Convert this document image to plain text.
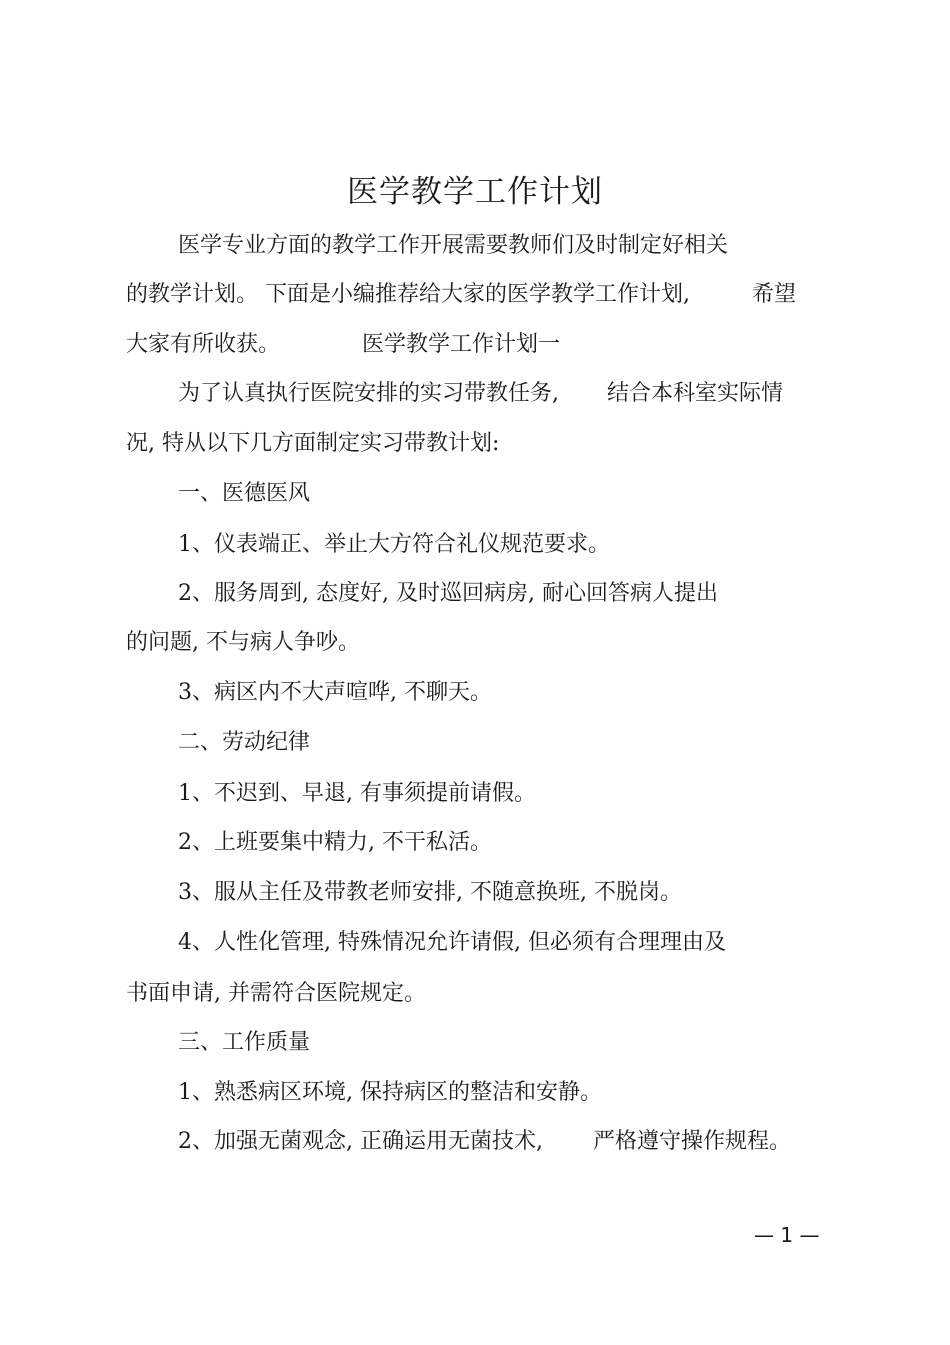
医学教学工作计划
医学专业方面的教学工作开展需要教师们及时制定好相关
的教学计划。 下面是小编推荐给大家的医学教学工作计划,	希望
大家有所收获。	医学教学工作计划一
为了认真执行医院安排的实习带教任务, 结合本科室实际情
况, 特从以下几方面制定实习带教计划:
一、医德医风
1、仪表端正、举止大方符合礼仪规范要求。
2、服务周到, 态度好, 及时巡回病房, 耐心回答病人提出
的问题, 不与病人争吵。
3、病区内不大声喧哗, 不聊天。
二、劳动纪律
1、不迟到、早退, 有事须提前请假。
2、上班要集中精力, 不干私活。
3、服从主任及带教老师安排, 不随意换班, 不脱岗。
4、人性化管理, 特殊情况允许请假, 但必须有合理理由及
书面申请, 并需符合医院规定。
三、工作质量
1、熟悉病区环境, 保持病区的整洁和安静。
2、加强无菌观念, 正确运用无菌技术, 严格遵守操作规程。
— 1 —
